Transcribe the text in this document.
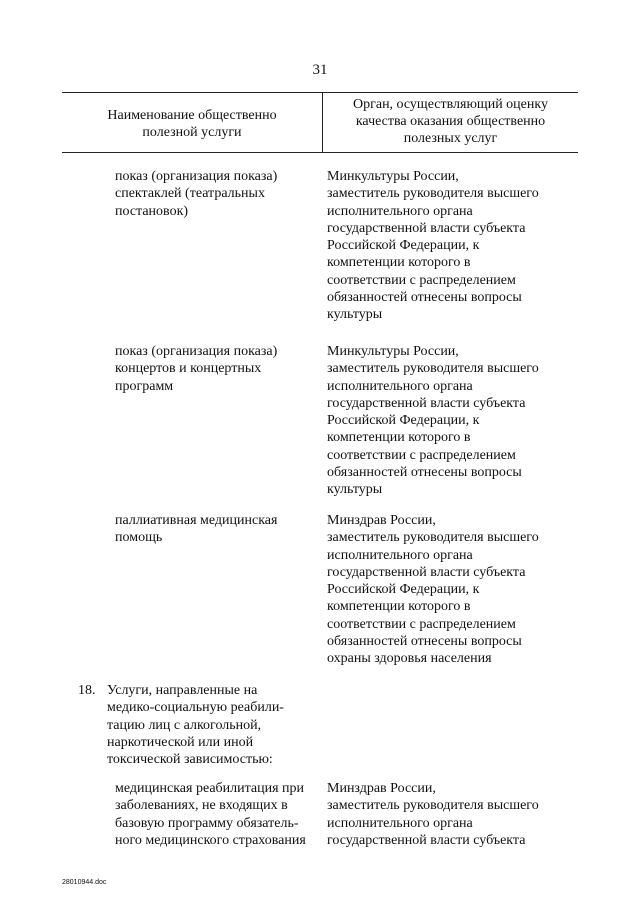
31
Наименование общественно
полезной услуги
Орган, осуществляющий оценку
качества оказания общественно
полезных услуг
показ (организация показа)
спектаклей (театральных
постановок)
Минкультуры России,
заместитель руководителя высшего
исполнительного органа
государственной власти субъекта
Российской Федерации, к
компетенции которого в
соответствии с распределением
обязанностей отнесены вопросы
культуры
показ (организация показа)
концертов и концертных
программ
Минкультуры России,
заместитель руководителя высшего
исполнительного органа
государственной власти субъекта
Российской Федерации, к
компетенции которого в
соответствии с распределением
обязанностей отнесены вопросы
культуры
паллиативная медицинская
помощь
Минздрав России,
заместитель руководителя высшего
исполнительного органа
государственной власти субъекта
Российской Федерации, к
компетенции которого в
соответствии с распределением
обязанностей отнесены вопросы
охраны здоровья населения
18. Услуги, направленные на
медико-социальную реабили-
тацию лиц с алкогольной,
наркотической или иной
токсической зависимостью:
медицинская реабилитация при
заболеваниях, не входящих в
базовую программу обязатель-
ного медицинского страхования
Минздрав России,
заместитель руководителя высшего
исполнительного органа
государственной власти субъекта
28010944.doc
